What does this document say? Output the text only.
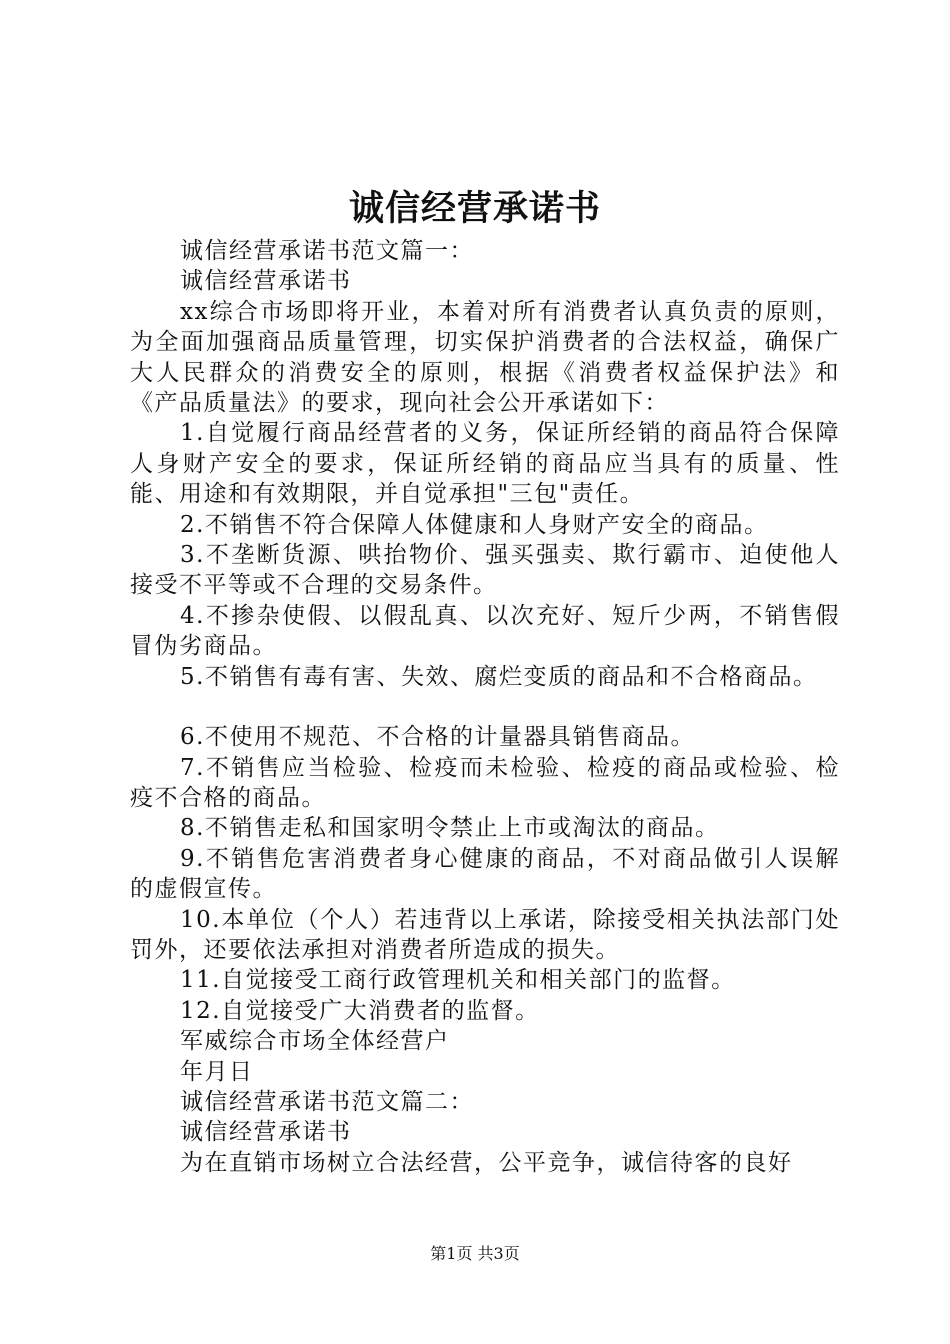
诚信经营承诺书

诚信经营承诺书范文篇一：

诚信经营承诺书

xx综合市场即将开业，本着对所有消费者认真负责的原则，为全面加强商品质量管理，切实保护消费者的合法权益，确保广大人民群众的消费安全的原则，根据《消费者权益保护法》和《产品质量法》的要求，现向社会公开承诺如下：

1.自觉履行商品经营者的义务，保证所经销的商品符合保障人身财产安全的要求，保证所经销的商品应当具有的质量、性能、用途和有效期限，并自觉承担"三包"责任。

2.不销售不符合保障人体健康和人身财产安全的商品。

3.不垄断货源、哄抬物价、强买强卖、欺行霸市、迫使他人接受不平等或不合理的交易条件。

4.不掺杂使假、以假乱真、以次充好、短斤少两，不销售假冒伪劣商品。

5.不销售有毒有害、失效、腐烂变质的商品和不合格商品。

6.不使用不规范、不合格的计量器具销售商品。

7.不销售应当检验、检疫而未检验、检疫的商品或检验、检疫不合格的商品。

8.不销售走私和国家明令禁止上市或淘汰的商品。

9.不销售危害消费者身心健康的商品，不对商品做引人误解的虚假宣传。

10.本单位（个人）若违背以上承诺，除接受相关执法部门处罚外，还要依法承担对消费者所造成的损失。

11.自觉接受工商行政管理机关和相关部门的监督。

12.自觉接受广大消费者的监督。

军威综合市场全体经营户

年月日

诚信经营承诺书范文篇二：

诚信经营承诺书

为在直销市场树立合法经营，公平竞争，诚信待客的良好

第1页 共3页
